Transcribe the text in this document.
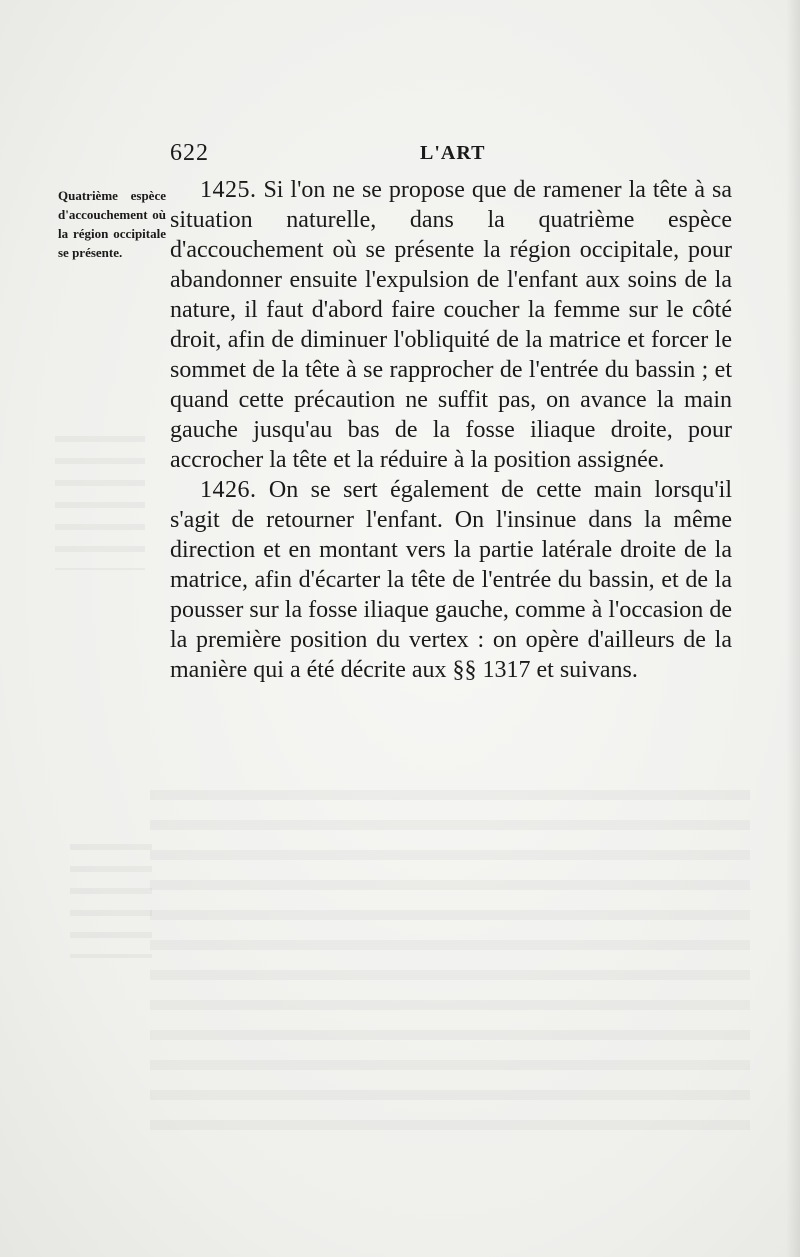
622	L'ART
Quatrième espèce d'accouchement où la région occipitale se présente.

1425. Si l'on ne se propose que de ramener la tête à sa situation naturelle, dans la quatrième espèce d'accouchement où se présente la région occipitale, pour abandonner ensuite l'expulsion de l'enfant aux soins de la nature, il faut d'abord faire coucher la femme sur le côté droit, afin de diminuer l'obliquité de la matrice et forcer le sommet de la tête à se rapprocher de l'entrée du bassin ; et quand cette précaution ne suffit pas, on avance la main gauche jusqu'au bas de la fosse iliaque droite, pour accrocher la tête et la réduire à la position assignée.

1426. On se sert également de cette main lorsqu'il s'agit de retourner l'enfant. On l'insinue dans la même direction et en montant vers la partie latérale droite de la matrice, afin d'écarter la tête de l'entrée du bassin, et de la pousser sur la fosse iliaque gauche, comme à l'occasion de la première position du vertex : on opère d'ailleurs de la manière qui a été décrite aux §§ 1317 et suivans.
